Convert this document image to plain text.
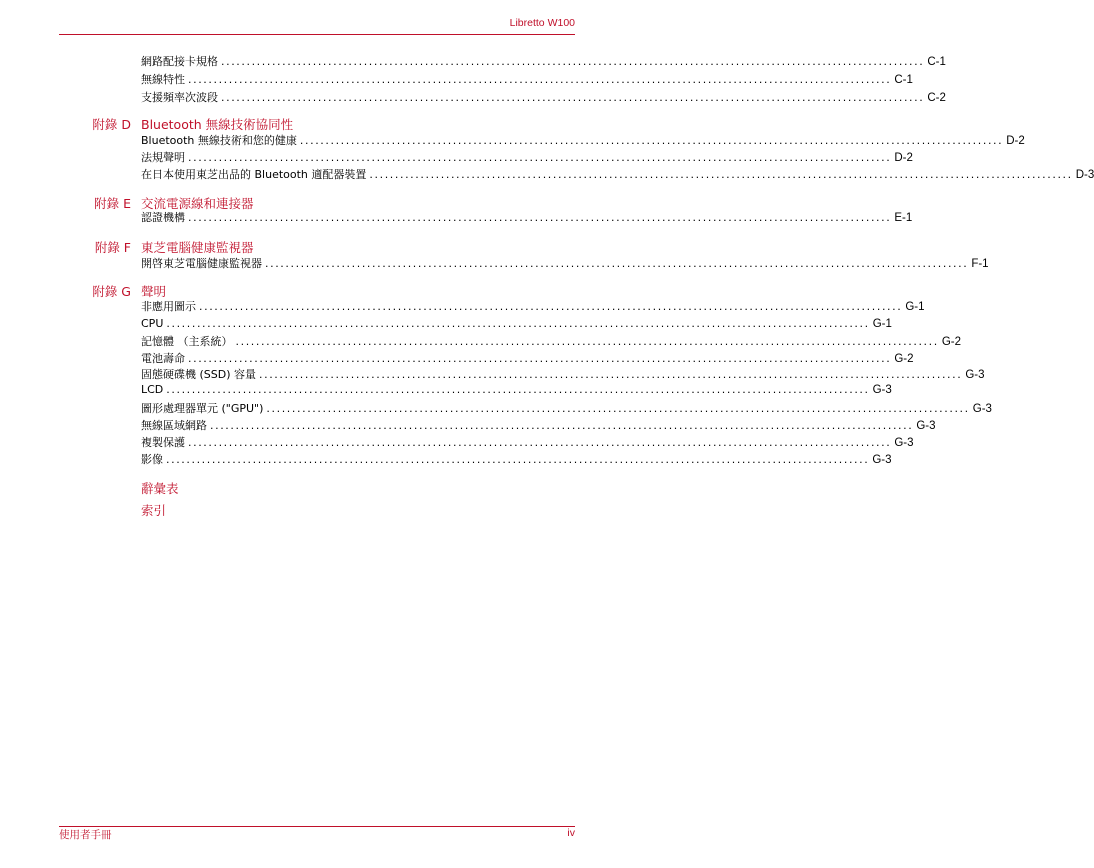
Libretto W100
網路配接卡規格 .......................................................................................................................................... C-1
無線特性 .......................................................................................................................................... C-1
支援頻率次波段 .......................................................................................................................................... C-2
附錄 D Bluetooth 無線技術協同性
Bluetooth 無線技術和您的健康 .......................................................................................................................................... D-2
法規聲明 .......................................................................................................................................... D-2
在日本使用東芝出品的 Bluetooth 適配器裝置 .......................................................................................................................................... D-3
附錄 E 交流電源線和連接器
認證機構 .......................................................................................................................................... E-1
附錄 F 東芝電腦健康監視器
開啓東芝電腦健康監視器 .......................................................................................................................................... F-1
附錄 G 聲明
非應用圖示 .......................................................................................................................................... G-1
CPU .......................................................................................................................................... G-1
記憶體 （主系統） .......................................................................................................................................... G-2
電池壽命 .......................................................................................................................................... G-2
固態硬碟機 (SSD) 容量 .......................................................................................................................................... G-3
LCD .......................................................................................................................................... G-3
圖形處理器單元 ("GPU") .......................................................................................................................................... G-3
無線區域網路 .......................................................................................................................................... G-3
複製保護 .......................................................................................................................................... G-3
影像 .......................................................................................................................................... G-3
辭彙表
索引
使用者手冊	iv
